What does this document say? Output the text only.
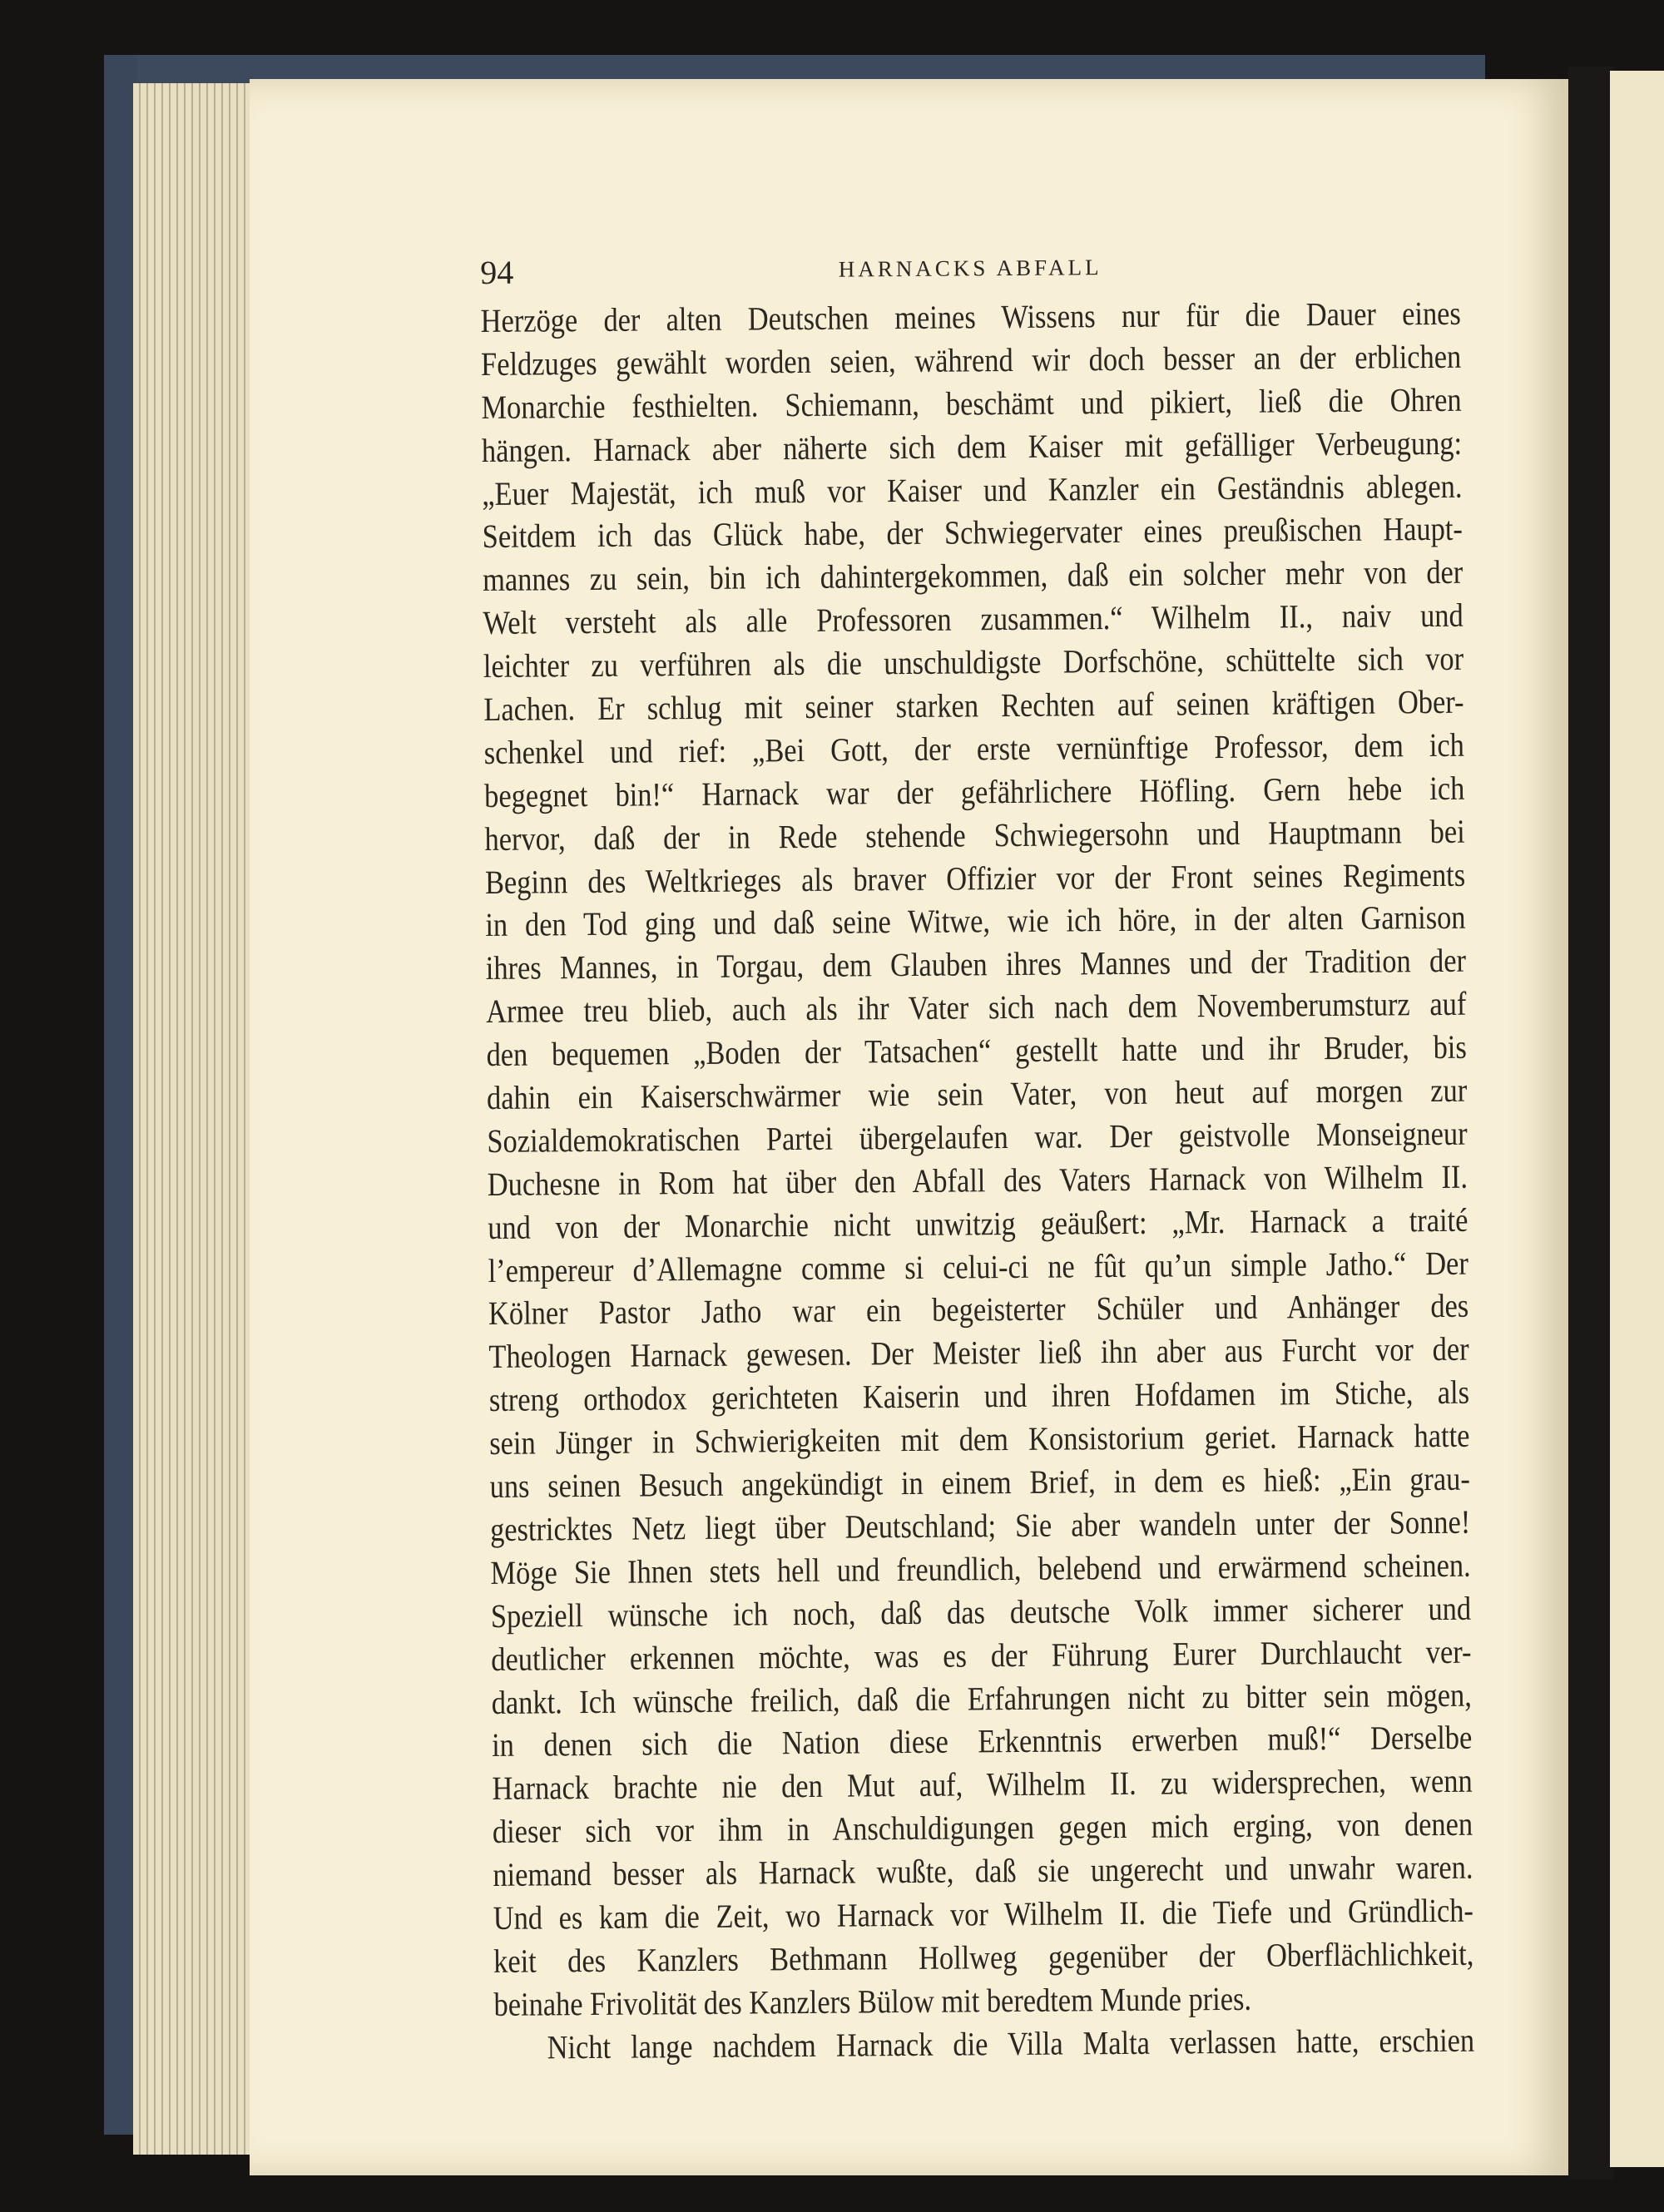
94	HARNACKS ABFALL
Herzöge der alten Deutschen meines Wissens nur für die Dauer eines
Feldzuges gewählt worden seien, während wir doch besser an der erblichen
Monarchie festhielten. Schiemann, beschämt und pikiert, ließ die Ohren
hängen. Harnack aber näherte sich dem Kaiser mit gefälliger Verbeugung:
„Euer Majestät, ich muß vor Kaiser und Kanzler ein Geständnis ablegen.
Seitdem ich das Glück habe, der Schwiegervater eines preußischen Haupt-
mannes zu sein, bin ich dahintergekommen, daß ein solcher mehr von der
Welt versteht als alle Professoren zusammen.“ Wilhelm II., naiv und
leichter zu verführen als die unschuldigste Dorfschöne, schüttelte sich vor
Lachen. Er schlug mit seiner starken Rechten auf seinen kräftigen Ober-
schenkel und rief: „Bei Gott, der erste vernünftige Professor, dem ich
begegnet bin!“ Harnack war der gefährlichere Höfling. Gern hebe ich
hervor, daß der in Rede stehende Schwiegersohn und Hauptmann bei
Beginn des Weltkrieges als braver Offizier vor der Front seines Regiments
in den Tod ging und daß seine Witwe, wie ich höre, in der alten Garnison
ihres Mannes, in Torgau, dem Glauben ihres Mannes und der Tradition der
Armee treu blieb, auch als ihr Vater sich nach dem Novemberumsturz auf
den bequemen „Boden der Tatsachen“ gestellt hatte und ihr Bruder, bis
dahin ein Kaiserschwärmer wie sein Vater, von heut auf morgen zur
Sozialdemokratischen Partei übergelaufen war. Der geistvolle Monseigneur
Duchesne in Rom hat über den Abfall des Vaters Harnack von Wilhelm II.
und von der Monarchie nicht unwitzig geäußert: „Mr. Harnack a traité
l’empereur d’Allemagne comme si celui-ci ne fût qu’un simple Jatho.“ Der
Kölner Pastor Jatho war ein begeisterter Schüler und Anhänger des
Theologen Harnack gewesen. Der Meister ließ ihn aber aus Furcht vor der
streng orthodox gerichteten Kaiserin und ihren Hofdamen im Stiche, als
sein Jünger in Schwierigkeiten mit dem Konsistorium geriet. Harnack hatte
uns seinen Besuch angekündigt in einem Brief, in dem es hieß: „Ein grau-
gestricktes Netz liegt über Deutschland; Sie aber wandeln unter der Sonne!
Möge Sie Ihnen stets hell und freundlich, belebend und erwärmend scheinen.
Speziell wünsche ich noch, daß das deutsche Volk immer sicherer und
deutlicher erkennen möchte, was es der Führung Eurer Durchlaucht ver-
dankt. Ich wünsche freilich, daß die Erfahrungen nicht zu bitter sein mögen,
in denen sich die Nation diese Erkenntnis erwerben muß!“ Derselbe
Harnack brachte nie den Mut auf, Wilhelm II. zu widersprechen, wenn
dieser sich vor ihm in Anschuldigungen gegen mich erging, von denen
niemand besser als Harnack wußte, daß sie ungerecht und unwahr waren.
Und es kam die Zeit, wo Harnack vor Wilhelm II. die Tiefe und Gründlich-
keit des Kanzlers Bethmann Hollweg gegenüber der Oberflächlichkeit,
beinahe Frivolität des Kanzlers Bülow mit beredtem Munde pries.
Nicht lange nachdem Harnack die Villa Malta verlassen hatte, erschien
